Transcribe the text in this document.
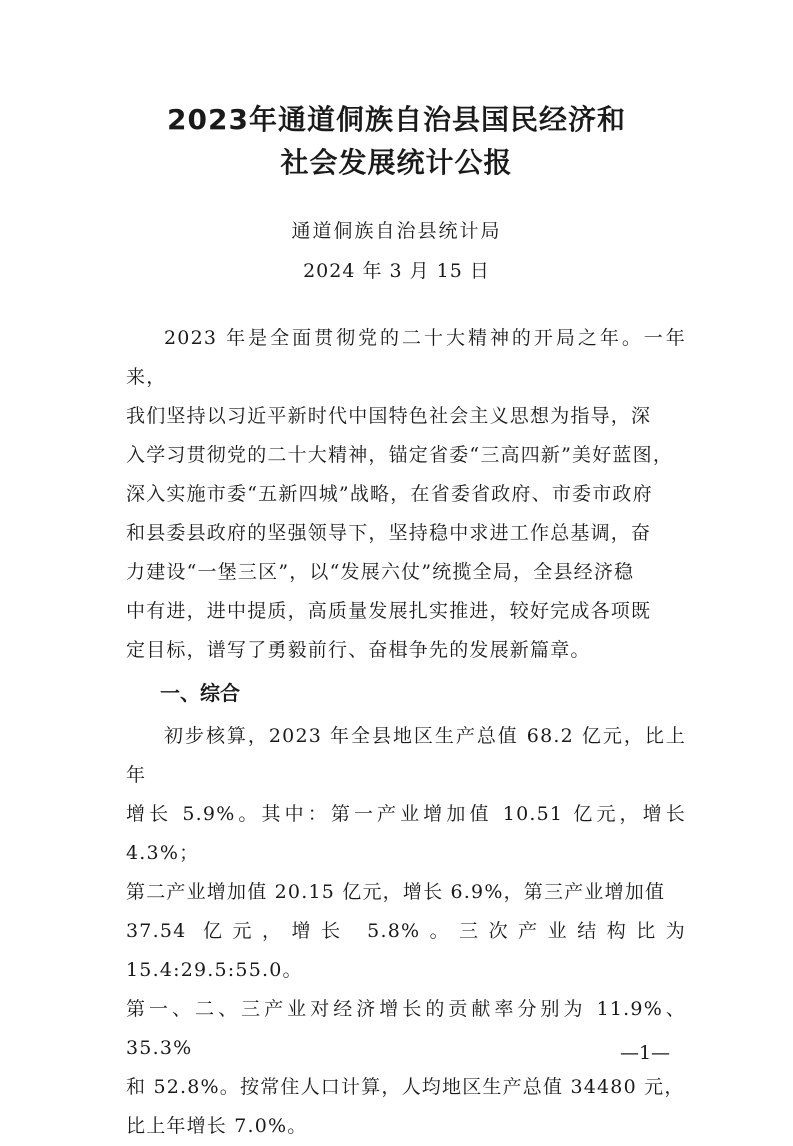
2023年通道侗族自治县国民经济和
社会发展统计公报

通道侗族自治县统计局

2024 年 3 月 15 日

2023 年是全面贯彻党的二十大精神的开局之年。一年来，
我们坚持以习近平新时代中国特色社会主义思想为指导，深
入学习贯彻党的二十大精神，锚定省委“三高四新”美好蓝图，
深入实施市委“五新四城”战略，在省委省政府、市委市政府
和县委县政府的坚强领导下，坚持稳中求进工作总基调，奋
力建设“一堡三区”，以“发展六仗”统揽全局，全县经济稳
中有进，进中提质，高质量发展扎实推进，较好完成各项既
定目标，谱写了勇毅前行、奋楫争先的发展新篇章。

一、综合

初步核算，2023 年全县地区生产总值 68.2 亿元，比上年
增长 5.9%。其中：第一产业增加值 10.51 亿元，增长 4.3%；
第二产业增加值 20.15 亿元，增长 6.9%，第三产业增加值
37.54 亿元，增长 5.8%。三次产业结构比为 15.4:29.5:55.0。
第一、二、三产业对经济增长的贡献率分别为 11.9%、35.3%
和 52.8%。按常住人口计算，人均地区生产总值 34480 元，
比上年增长 7.0%。

—1—
